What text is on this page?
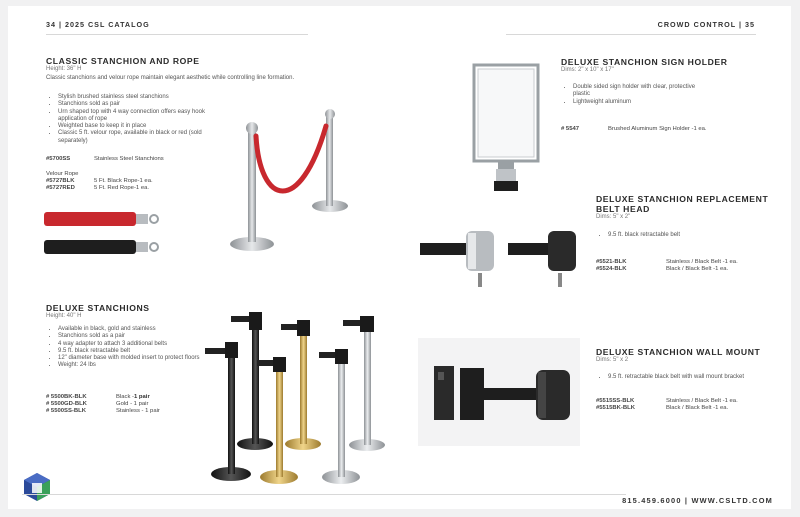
34 | 2025 CSL CATALOG	CROWD CONTROL | 35
CLASSIC STANCHION AND ROPE
Height: 36" H
Classic stanchions and velour rope maintain elegant aesthetic while controlling line formation.
• Stylish brushed stainless steel stanchions
• Stanchions sold as pair
• Urn shaped top with 4 way connection offers easy hook application of rope
• Weighted base to keep it in place
• Classic 5 ft. velour rope, available in black or red (sold separately)
#5700SS	Stainless Steel Stanchions
Velour Rope
#5727BLK	5 Ft. Black Rope-1 ea.
#5727RED	5 Ft. Red Rope-1 ea.
DELUXE STANCHIONS
Height: 40" H
• Available in black, gold and stainless
• Stanchions sold as a pair
• 4 way adapter to attach 3 additional belts
• 9.5 ft. black retractable belt
• 12" diameter base with molded insert to protect floors
• Weight: 24 lbs
# 5500BK-BLK	Black - 1 pair
# 5500GD-BLK	Gold - 1 pair
# 5500SS-BLK	Stainless - 1 pair
DELUXE STANCHION SIGN HOLDER
Dims: 2" x 10" x 17"
• Double sided sign holder with clear, protective plastic
• Lightweight aluminum
# 5547	Brushed Aluminum Sign Holder -1 ea.
DELUXE STANCHION REPLACEMENT
BELT HEAD
Dims: 5" x 2"
• 9.5 ft. black retractable belt
#5521-BLK	Stainless / Black Belt -1 ea.
#5524-BLK	Black / Black Belt -1 ea.
DELUXE STANCHION WALL MOUNT
Dims: 5" x 2
• 9.5 ft. retractable black belt with wall mount bracket
#5515SS-BLK	Stainless / Black Belt -1 ea.
#5515BK-BLK	Black / Black Belt -1 ea.
815.459.6000 | WWW.CSLTD.COM
